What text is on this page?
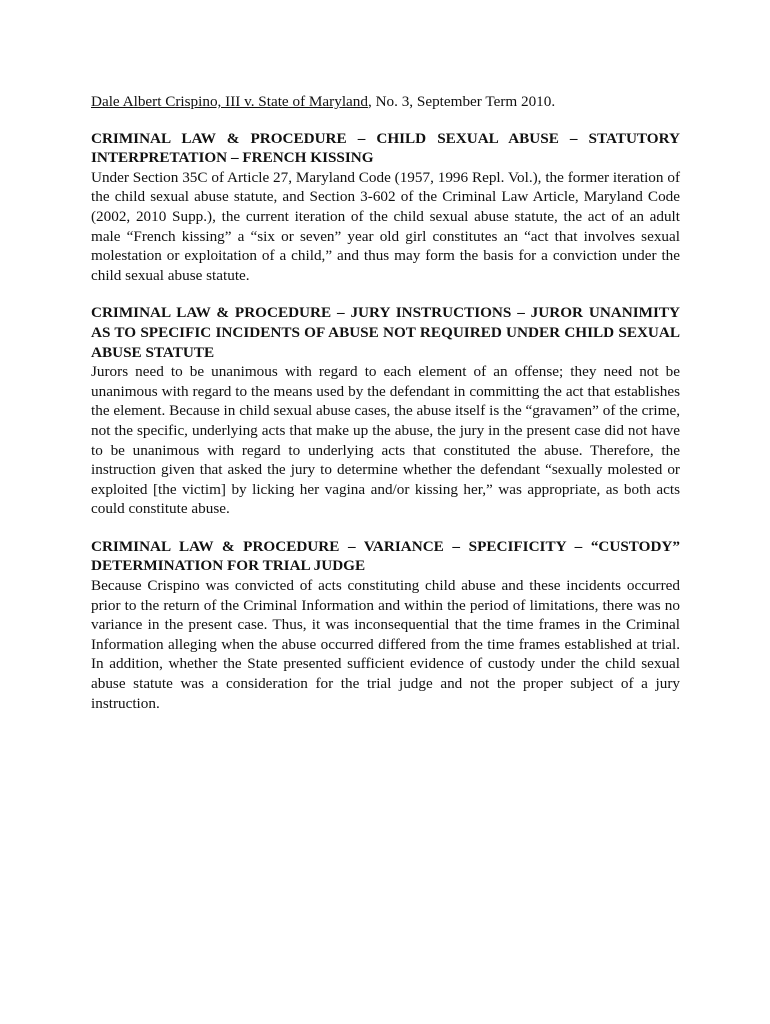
Dale Albert Crispino, III v. State of Maryland, No. 3, September Term 2010.

CRIMINAL LAW & PROCEDURE – CHILD SEXUAL ABUSE – STATUTORY INTERPRETATION – FRENCH KISSING

Under Section 35C of Article 27, Maryland Code (1957, 1996 Repl. Vol.), the former iteration of the child sexual abuse statute, and Section 3-602 of the Criminal Law Article, Maryland Code (2002, 2010 Supp.), the current iteration of the child sexual abuse statute, the act of an adult male “French kissing” a “six or seven” year old girl constitutes an “act that involves sexual molestation or exploitation of a child,” and thus may form the basis for a conviction under the child sexual abuse statute.

CRIMINAL LAW & PROCEDURE – JURY INSTRUCTIONS – JUROR UNANIMITY AS TO SPECIFIC INCIDENTS OF ABUSE NOT REQUIRED UNDER CHILD SEXUAL ABUSE STATUTE

Jurors need to be unanimous with regard to each element of an offense; they need not be unanimous with regard to the means used by the defendant in committing the act that establishes the element. Because in child sexual abuse cases, the abuse itself is the “gravamen” of the crime, not the specific, underlying acts that make up the abuse, the jury in the present case did not have to be unanimous with regard to underlying acts that constituted the abuse. Therefore, the instruction given that asked the jury to determine whether the defendant “sexually molested or exploited [the victim] by licking her vagina and/or kissing her,” was appropriate, as both acts could constitute abuse.

CRIMINAL LAW & PROCEDURE – VARIANCE – SPECIFICITY – “CUSTODY” DETERMINATION FOR TRIAL JUDGE

Because Crispino was convicted of acts constituting child abuse and these incidents occurred prior to the return of the Criminal Information and within the period of limitations, there was no variance in the present case. Thus, it was inconsequential that the time frames in the Criminal Information alleging when the abuse occurred differed from the time frames established at trial. In addition, whether the State presented sufficient evidence of custody under the child sexual abuse statute was a consideration for the trial judge and not the proper subject of a jury instruction.
